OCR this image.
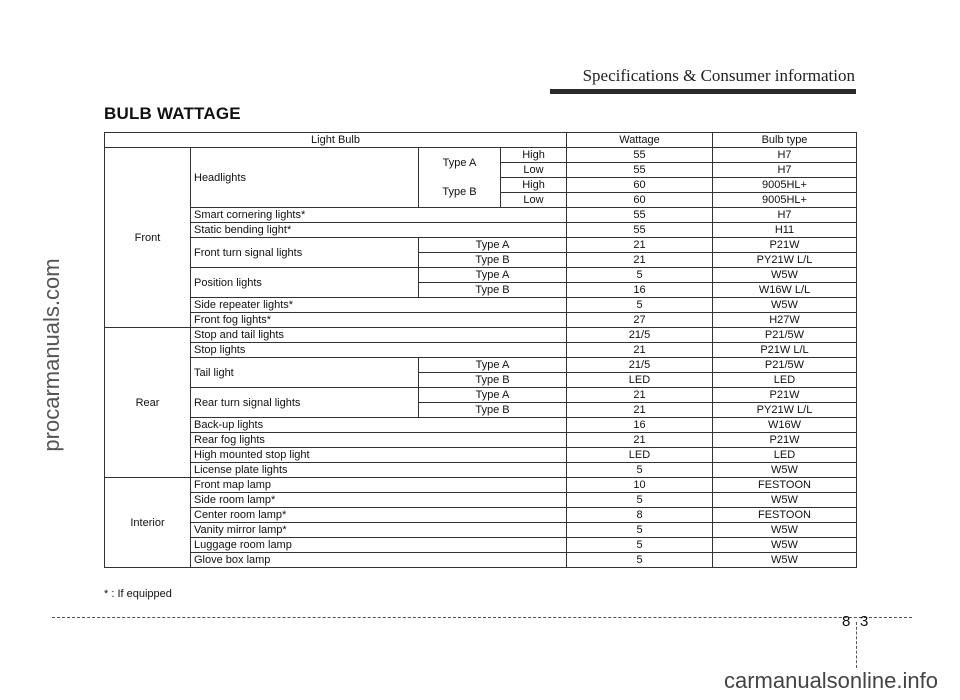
Specifications & Consumer information
BULB WATTAGE
Light Bulb				Wattage	Bulb type
Front	Headlights	Type A	High	55	H7
			Low	55	H7
		Type B	High	60	9005HL+
			Low	60	9005HL+
	Smart cornering lights*			55	H7
	Static bending light*			55	H11
	Front turn signal lights	Type A		21	P21W
		Type B		21	PY21W L/L
	Position lights	Type A		5	W5W
		Type B		16	W16W L/L
	Side repeater lights*			5	W5W
	Front fog lights*			27	H27W
Rear	Stop and tail lights			21/5	P21/5W
	Stop lights			21	P21W L/L
	Tail light	Type A		21/5	P21/5W
		Type B		LED	LED
	Rear turn signal lights	Type A		21	P21W
		Type B		21	PY21W L/L
	Back-up lights			16	W16W
	Rear fog lights			21	P21W
	High mounted stop light			LED	LED
	License plate lights			5	W5W
Interior	Front map lamp			10	FESTOON
	Side room lamp*			5	W5W
	Center room lamp*			8	FESTOON
	Vanity mirror lamp*			5	W5W
	Luggage room lamp			5	W5W
	Glove box lamp			5	W5W
* : If equipped
8 3
procarmanuals.com
carmanualsonline.info
